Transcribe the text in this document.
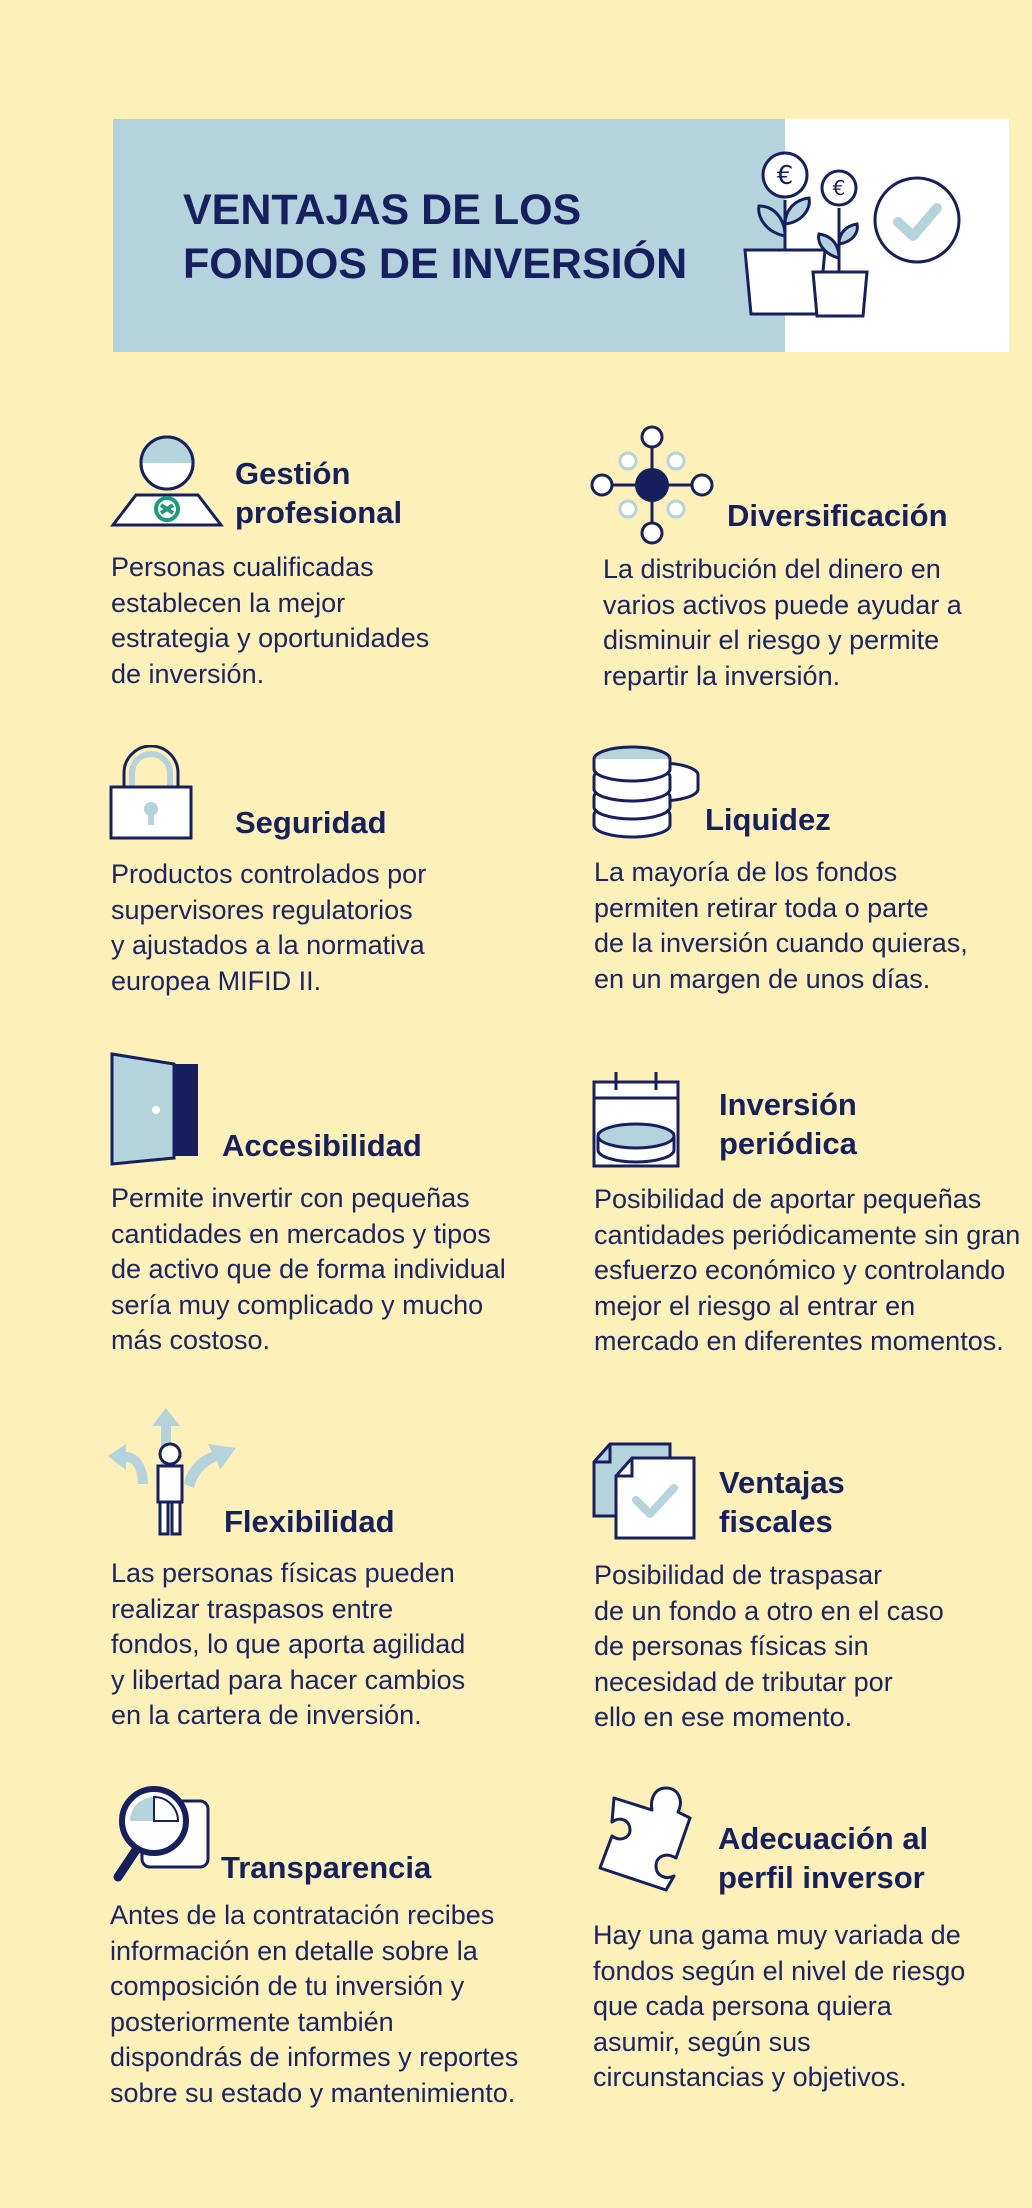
VENTAJAS DE LOS
FONDOS DE INVERSIÓN
€ €
Gestión
profesional
Personas cualificadas
establecen la mejor
estrategia y oportunidades
de inversión.
Diversificación
La distribución del dinero en
varios activos puede ayudar a
disminuir el riesgo y permite
repartir la inversión.
Seguridad
Productos controlados por
supervisores regulatorios
y ajustados a la normativa
europea MIFID II.
Liquidez
La mayoría de los fondos
permiten retirar toda o parte
de la inversión cuando quieras,
en un margen de unos días.
Accesibilidad
Permite invertir con pequeñas
cantidades en mercados y tipos
de activo que de forma individual
sería muy complicado y mucho
más costoso.
Inversión
periódica
Posibilidad de aportar pequeñas
cantidades periódicamente sin gran
esfuerzo económico y controlando
mejor el riesgo al entrar en
mercado en diferentes momentos.
Flexibilidad
Las personas físicas pueden
realizar traspasos entre
fondos, lo que aporta agilidad
y libertad para hacer cambios
en la cartera de inversión.
Ventajas
fiscales
Posibilidad de traspasar
de un fondo a otro en el caso
de personas físicas sin
necesidad de tributar por
ello en ese momento.
Transparencia
Antes de la contratación recibes
información en detalle sobre la
composición de tu inversión y
posteriormente también
dispondrás de informes y reportes
sobre su estado y mantenimiento.
Adecuación al
perfil inversor
Hay una gama muy variada de
fondos según el nivel de riesgo
que cada persona quiera
asumir, según sus
circunstancias y objetivos.
